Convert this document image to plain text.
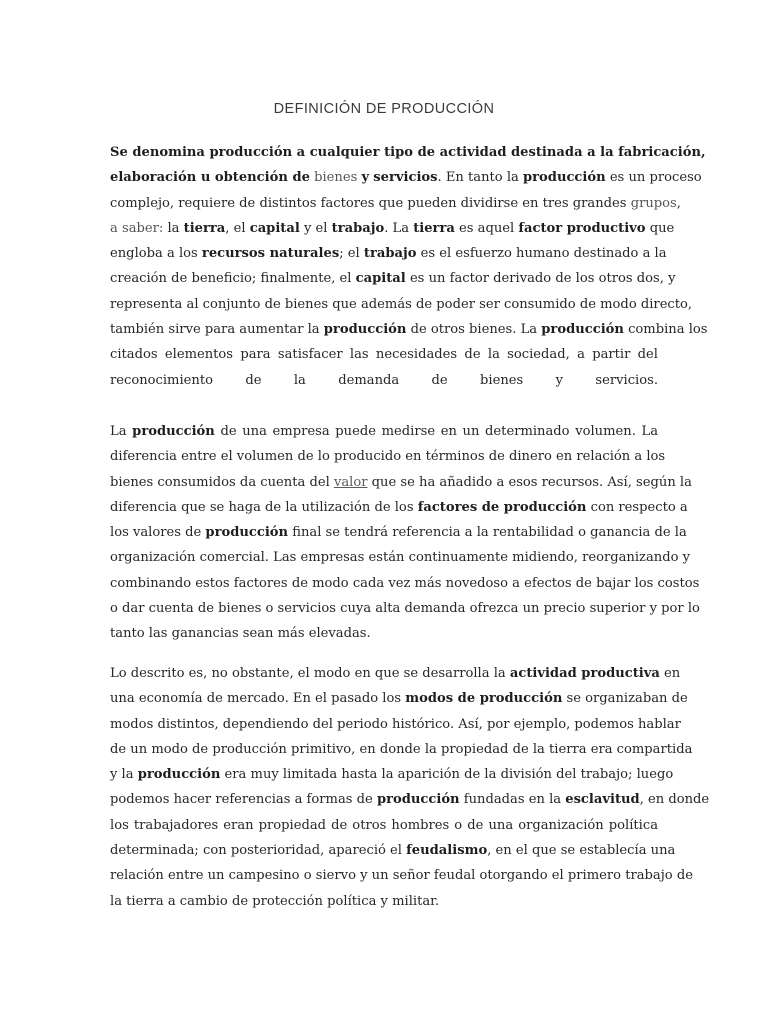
DEFINICIÓN DE PRODUCCIÓN
Se denomina producción a cualquier tipo de actividad destinada a la fabricación,
elaboración u obtención de bienes y servicios. En tanto la producción es un proceso
complejo, requiere de distintos factores que pueden dividirse en tres grandes grupos,
a saber: la tierra, el capital y el trabajo. La tierra es aquel factor productivo que
engloba a los recursos naturales; el trabajo es el esfuerzo humano destinado a la
creación de beneficio; finalmente, el capital es un factor derivado de los otros dos, y
representa al conjunto de bienes que además de poder ser consumido de modo directo,
también sirve para aumentar la producción de otros bienes. La producción combina los
citados elementos para satisfacer las necesidades de la sociedad, a partir del
reconocimiento de la demanda de bienes y servicios.
La producción de una empresa puede medirse en un determinado volumen. La
diferencia entre el volumen de lo producido en términos de dinero en relación a los
bienes consumidos da cuenta del valor que se ha añadido a esos recursos. Así, según la
diferencia que se haga de la utilización de los factores de producción con respecto a
los valores de producción final se tendrá referencia a la rentabilidad o ganancia de la
organización comercial. Las empresas están continuamente midiendo, reorganizando y
combinando estos factores de modo cada vez más novedoso a efectos de bajar los costos
o dar cuenta de bienes o servicios cuya alta demanda ofrezca un precio superior y por lo
tanto las ganancias sean más elevadas.
Lo descrito es, no obstante, el modo en que se desarrolla la actividad productiva en
una economía de mercado. En el pasado los modos de producción se organizaban de
modos distintos, dependiendo del periodo histórico. Así, por ejemplo, podemos hablar
de un modo de producción primitivo, en donde la propiedad de la tierra era compartida
y la producción era muy limitada hasta la aparición de la división del trabajo; luego
podemos hacer referencias a formas de producción fundadas en la esclavitud, en donde
los trabajadores eran propiedad de otros hombres o de una organización política
determinada; con posterioridad, apareció el feudalismo, en el que se establecía una
relación entre un campesino o siervo y un señor feudal otorgando el primero trabajo de
la tierra a cambio de protección política y militar.
